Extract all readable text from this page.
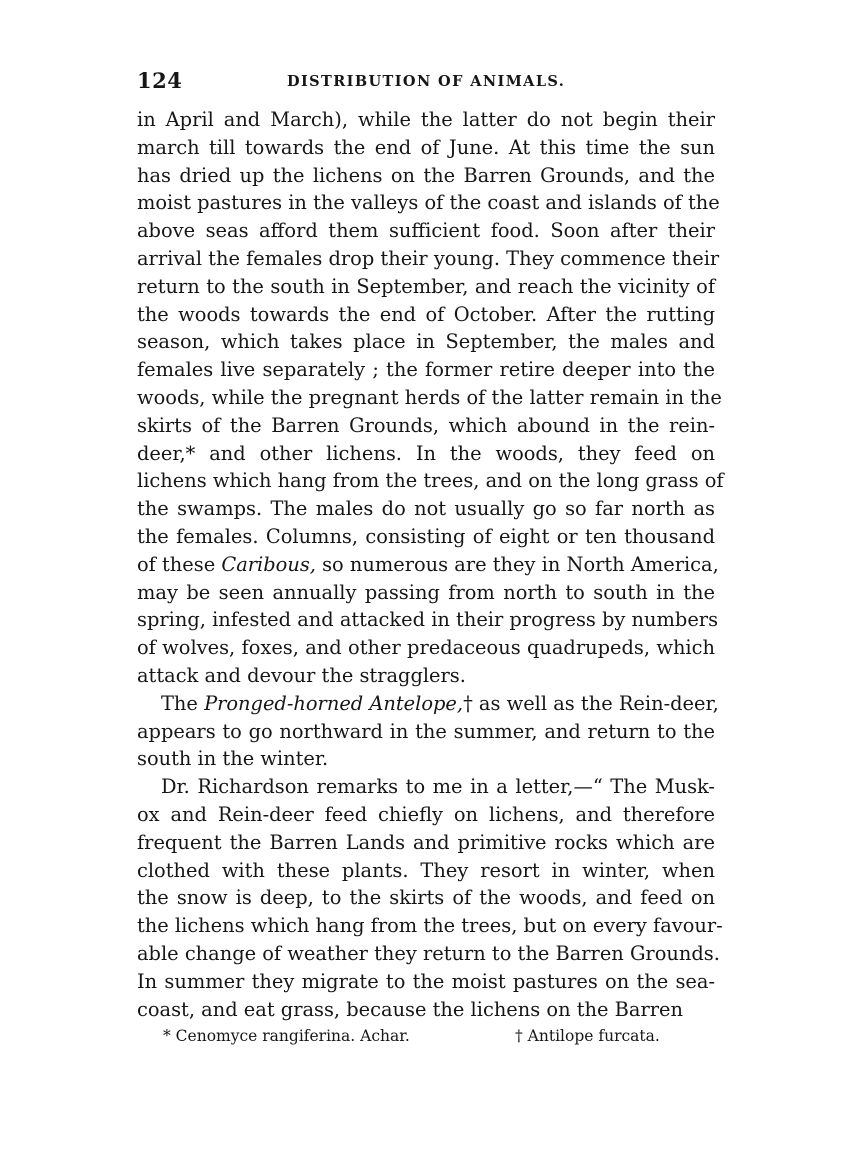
124	DISTRIBUTION OF ANIMALS.
in April and March), while the latter do not begin their
march till towards the end of June. At this time the sun
has dried up the lichens on the Barren Grounds, and the
moist pastures in the valleys of the coast and islands of the
above seas afford them sufficient food. Soon after their
arrival the females drop their young. They commence their
return to the south in September, and reach the vicinity of
the woods towards the end of October. After the rutting
season, which takes place in September, the males and
females live separately ; the former retire deeper into the
woods, while the pregnant herds of the latter remain in the
skirts of the Barren Grounds, which abound in the rein-
deer,* and other lichens. In the woods, they feed on
lichens which hang from the trees, and on the long grass of
the swamps. The males do not usually go so far north as
the females. Columns, consisting of eight or ten thousand
of these Caribous, so numerous are they in North America,
may be seen annually passing from north to south in the
spring, infested and attacked in their progress by numbers
of wolves, foxes, and other predaceous quadrupeds, which
attack and devour the stragglers.
The Pronged-horned Antelope,† as well as the Rein-deer,
appears to go northward in the summer, and return to the
south in the winter.
Dr. Richardson remarks to me in a letter,—“ The Musk-
ox and Rein-deer feed chiefly on lichens, and therefore
frequent the Barren Lands and primitive rocks which are
clothed with these plants. They resort in winter, when
the snow is deep, to the skirts of the woods, and feed on
the lichens which hang from the trees, but on every favour-
able change of weather they return to the Barren Grounds.
In summer they migrate to the moist pastures on the sea-
coast, and eat grass, because the lichens on the Barren
* Cenomyce rangiferina. Achar.	† Antilope furcata.
